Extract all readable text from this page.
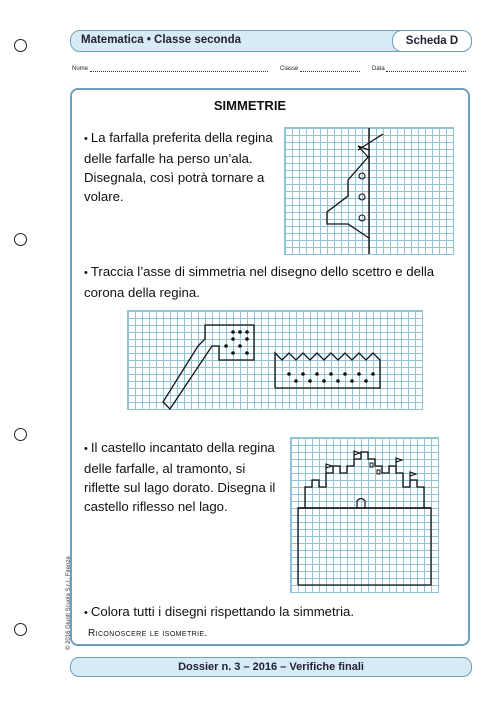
Matematica • Classe seconda	Scheda D
Nome	Classe	Data
SIMMETRIE

• La farfalla preferita della regina delle farfalle ha perso un’ala. Disegnala, così potrà tornare a volare.

• Traccia l’asse di simmetria nel disegno dello scettro e della corona della regina.

• Il castello incantato della regina delle farfalle, al tramonto, si riflette sul lago dorato. Disegna il castello riflesso nel lago.

• Colora tutti i disegni rispettando la simmetria.

Riconoscere le isometrie.

© 2016 Giunti Scuola S.r.l., Firenze
Dossier n. 3 – 2016 – Verifiche finali
